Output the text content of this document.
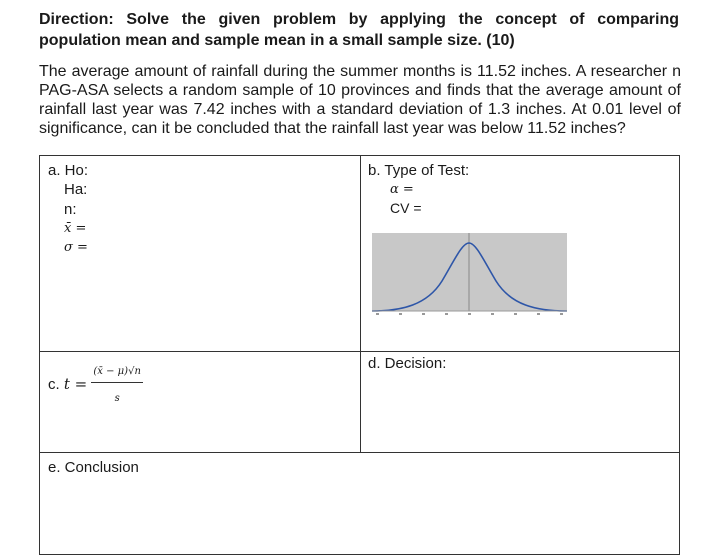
Direction: Solve the given problem by applying the concept of comparing population mean and sample mean in a small sample size. (10)
The average amount of rainfall during the summer months is 11.52 inches. A researcher n PAG-ASA selects a random sample of 10 provinces and finds that the average amount of rainfall last year was 7.42 inches with a standard deviation of 1.3 inches. At 0.01 level of significance, can it be concluded that the rainfall last year was below 11.52 inches?
a. Ho:
Ha:
n:
x̄ =
σ =
b. Type of Test:
α =
CV =
c. $t = \frac{(x̄ - \mu)√n}{s}$	d. Decision:
e. Conclusion
